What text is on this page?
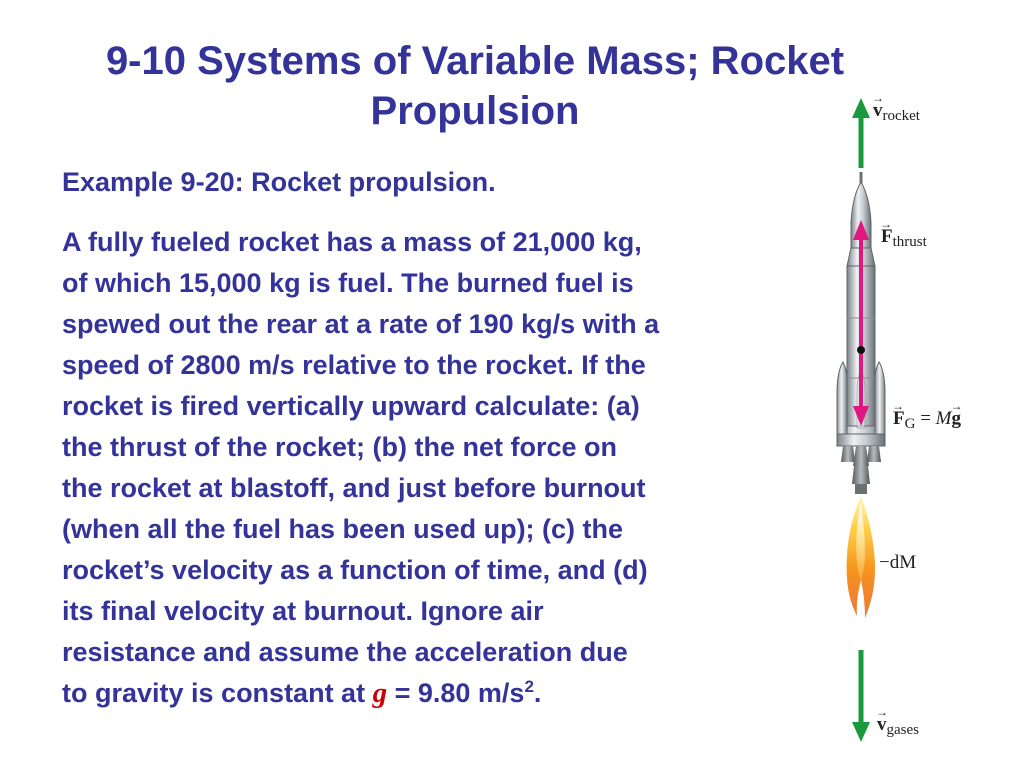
9-10 Systems of Variable Mass; Rocket Propulsion

Example 9-20: Rocket propulsion.

A fully fueled rocket has a mass of 21,000 kg,
of which 15,000 kg is fuel. The burned fuel is
spewed out the rear at a rate of 190 kg/s with a
speed of 2800 m/s relative to the rocket. If the
rocket is fired vertically upward calculate: (a)
the thrust of the rocket; (b) the net force on
the rocket at blastoff, and just before burnout
(when all the fuel has been used up); (c) the
rocket’s velocity as a function of time, and (d)
its final velocity at burnout. Ignore air
resistance and assume the acceleration due
to gravity is constant at g = 9.80 $m/s^2$.
→ $v_{rocket}$
→ $F_{thrust}$
→ $F_G = M\to g$
−dM
→ $v_{gases}$
